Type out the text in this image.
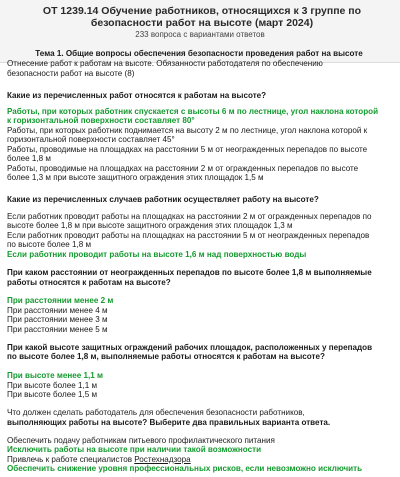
ОТ 1239.14 Обучение работников, относящихся к 3 группе по
безопасности работ на высоте (март 2024)
233 вопроса с вариантами ответов
Тема 1. Общие вопросы обеспечения безопасности проведения работ на высоте
Отнесение работ к работам на высоте. Обязанности работодателя по обеспечению
безопасности работ на высоте (8)
Какие из перечисленных работ относятся к работам на высоте?
Работы, при которых работник спускается с высоты 6 м по лестнице, угол наклона которой
к горизонтальной поверхности составляет 80°
Работы, при которых работник поднимается на высоту 2 м по лестнице, угол наклона которой к
горизонтальной поверхности составляет 45°
Работы, проводимые на площадках на расстоянии 5 м от неогражденных перепадов по высоте
более 1,8 м
Работы, проводимые на площадках на расстоянии 2 м от огражденных перепадов по высоте
более 1,3 м при высоте защитного ограждения этих площадок 1,5 м
Какие из перечисленных случаев работник осуществляет работу на высоте?
Если работник проводит работы на площадках на расстоянии 2 м от огражденных перепадов по
высоте более 1,8 м при высоте защитного ограждения этих площадок 1,3 м
Если работник проводит работы на площадках на расстоянии 5 м от неогражденных перепадов
по высоте более 1,8 м
Если работник проводит работы на высоте 1,6 м над поверхностью воды
При каком расстоянии от неогражденных перепадов по высоте более 1,8 м выполняемые
работы относятся к работам на высоте?
При расстоянии менее 2 м
При расстоянии менее 4 м
При расстоянии менее 3 м
При расстоянии менее 5 м
При какой высоте защитных ограждений рабочих площадок, расположенных у перепадов
по высоте более 1,8 м, выполняемые работы относятся к работам на высоте?
При высоте менее 1,1 м
При высоте более 1,1 м
При высоте более 1,5 м
Что должен сделать работодатель для обеспечения безопасности работников,
выполняющих работы на высоте? Выберите два правильных варианта ответа.
Обеспечить подачу работникам питьевого профилактического питания
Исключить работы на высоте при наличии такой возможности
Привлечь к работе специалистов Ростехнадзора
Обеспечить снижение уровня профессиональных рисков, если невозможно исключить
